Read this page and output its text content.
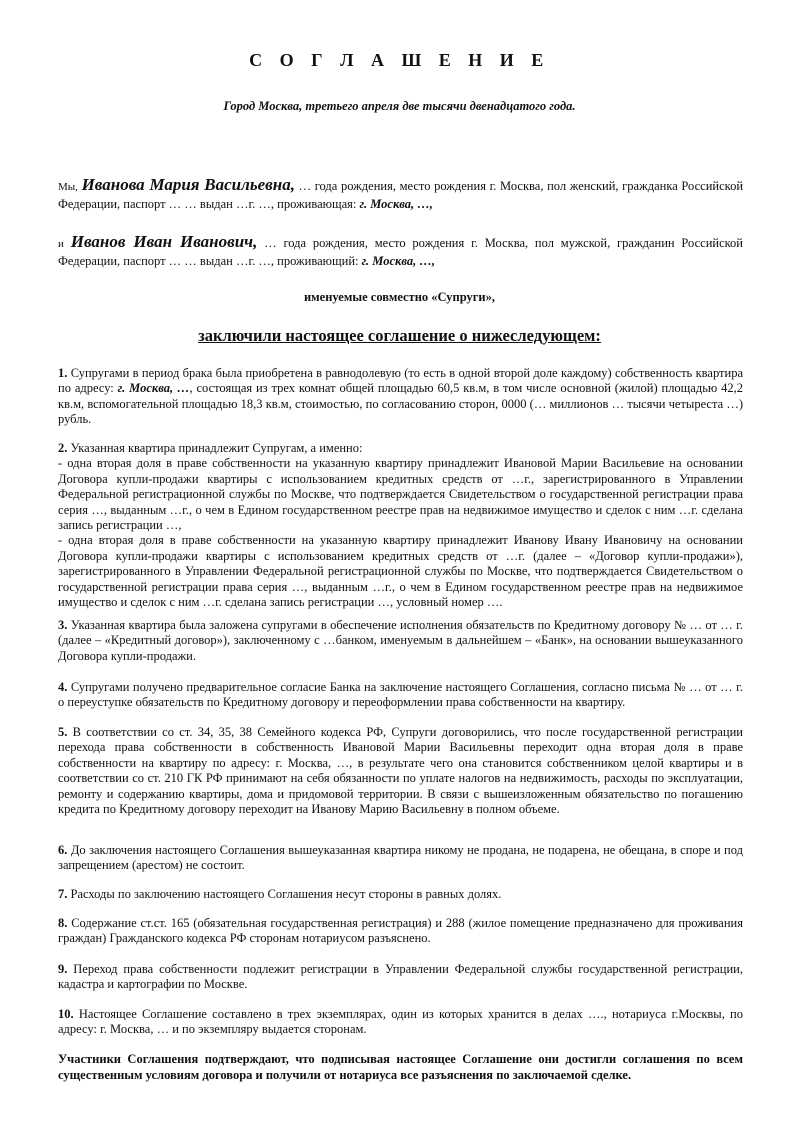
С О Г Л А Ш Е Н И Е
Город Москва, третьего апреля две тысячи двенадцатого года.
Мы, Иванова Мария Васильевна, … года рождения, место рождения г. Москва, пол женский, гражданка Российской Федерации, паспорт … … выдан …г. …, проживающая: г. Москва, …,
и Иванов Иван Иванович, … года рождения, место рождения г. Москва, пол мужской, гражданин Российской Федерации, паспорт … … выдан …г. …, проживающий: г. Москва, …,
именуемые совместно «Супруги»,
заключили настоящее соглашение о нижеследующем:
1. Супругами в период брака была приобретена в равнодолевую (то есть в одной второй доле каждому) собственность квартира по адресу: г. Москва, …, состоящая из трех комнат общей площадью 60,5 кв.м, в том числе основной (жилой) площадью 42,2 кв.м, вспомогательной площадью 18,3 кв.м, стоимостью, по согласованию сторон, 0000 (… миллионов … тысячи четыреста …) рубль.

2. Указанная квартира принадлежит Супругам, а именно:

- одна вторая доля в праве собственности на указанную квартиру принадлежит Ивановой Марии Васильевие на основании Договора купли-продажи квартиры с использованием кредитных средств от …г., зарегистрированного в Управлении Федеральной регистрационной службы по Москве, что подтверждается Свидетельством о государственной регистрации права серия …, выданным …г., о чем в Едином государственном реестре прав на недвижимое имущество и сделок с ним …г. сделана запись регистрации …,

- одна вторая доля в праве собственности на указанную квартиру принадлежит Иванову Ивану Ивановичу на основании Договора купли-продажи квартиры с использованием кредитных средств от …г. (далее – «Договор купли-продажи»), зарегистрированного в Управлении Федеральной регистрационной службы по Москве, что подтверждается Свидетельством о государственной регистрации права серия …, выданным …г., о чем в Едином государственном реестре прав на недвижимое имущество и сделок с ним …г. сделана запись регистрации …, условный номер ….

3. Указанная квартира была заложена супругами в обеспечение исполнения обязательств по Кредитному договору № … от … г. (далее – «Кредитный договор»), заключенному с …банком, именуемым в дальнейшем – «Банк», на основании вышеуказанного Договора купли-продажи.
4. Супругами получено предварительное согласие Банка на заключение настоящего Соглашения, согласно письма № … от … г. о переуступке обязательств по Кредитному договору и переоформлении права собственности на квартиру.
5. В соответствии со ст. 34, 35, 38 Семейного кодекса РФ, Супруги договорились, что после государственной регистрации перехода права собственности в собственность Ивановой Марии Васильевны переходит одна вторая доля в праве собственности на квартиру по адресу: г. Москва, …, в результате чего она становится собственником целой квартиры и в соответствии со ст. 210 ГК РФ принимают на себя обязанности по уплате налогов на недвижимость, расходы по эксплуатации, ремонту и содержанию квартиры, дома и придомовой территории. В связи с вышеизложенным обязательство по погашению кредита по Кредитному договору переходит на Иванову Марию Васильевну в полном объеме.
6. До заключения настоящего Соглашения вышеуказанная квартира никому не продана, не подарена, не обещана, в споре и под запрещением (арестом) не состоит.
7. Расходы по заключению настоящего Соглашения несут стороны в равных долях.
8. Содержание ст.ст. 165 (обязательная государственная регистрация) и 288 (жилое помещение предназначено для проживания граждан) Гражданского кодекса РФ сторонам нотариусом разъяснено.
9. Переход права собственности подлежит регистрации в Управлении Федеральной службы государственной регистрации, кадастра и картографии по Москве.
10. Настоящее Соглашение составлено в трех экземплярах, один из которых хранится в делах …., нотариуса г.Москвы, по адресу: г. Москва, … и по экземпляру выдается сторонам.
Участники Соглашения подтверждают, что подписывая настоящее Соглашение они достигли соглашения по всем существенным условиям договора и получили от нотариуса все разъяснения по заключаемой сделке.
